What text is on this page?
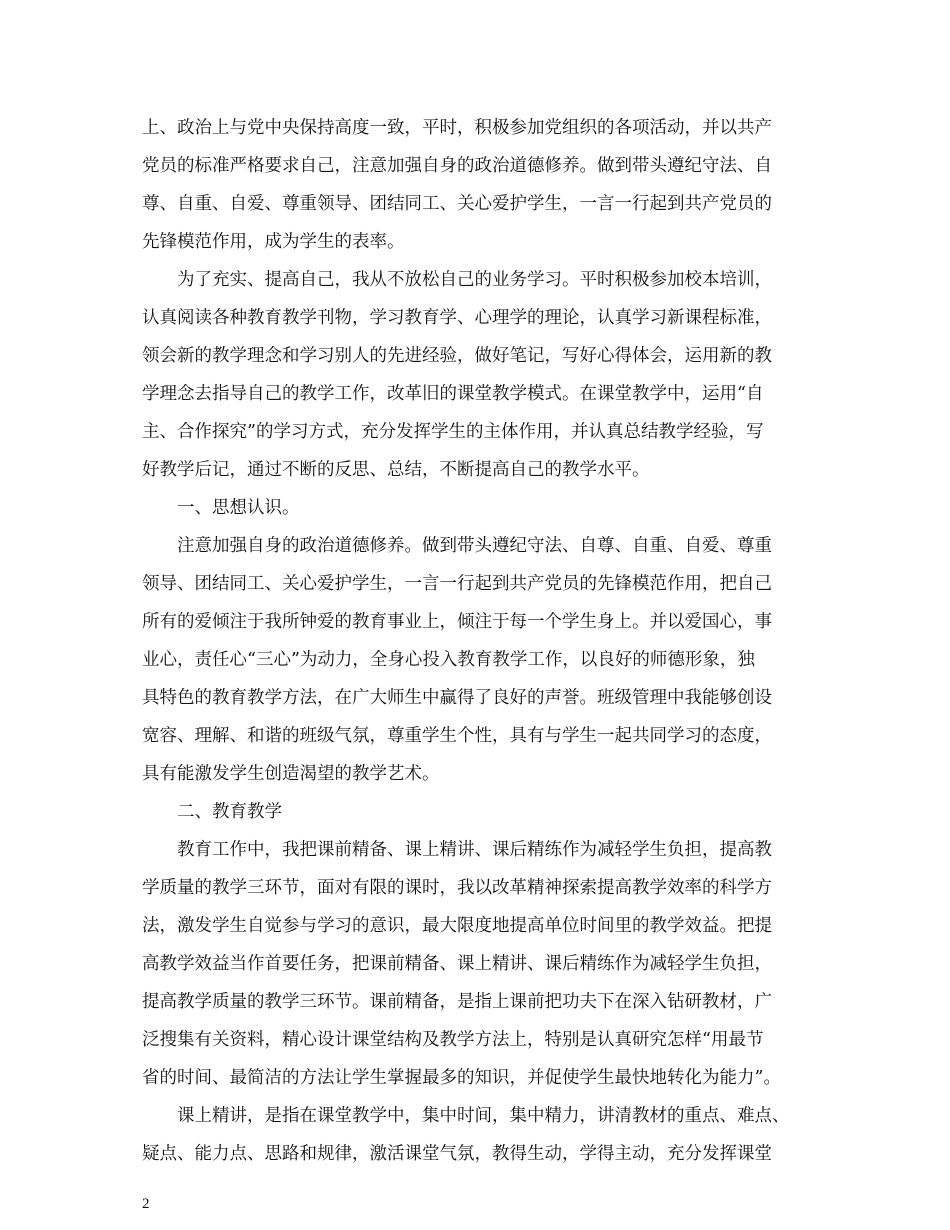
上、政治上与党中央保持高度一致，平时，积极参加党组织的各项活动，并以共产
党员的标准严格要求自己，注意加强自身的政治道德修养。做到带头遵纪守法、自
尊、自重、自爱、尊重领导、团结同工、关心爱护学生，一言一行起到共产党员的
先锋模范作用，成为学生的表率。
　　为了充实、提高自己，我从不放松自己的业务学习。平时积极参加校本培训，
认真阅读各种教育教学刊物，学习教育学、心理学的理论，认真学习新课程标准，
领会新的教学理念和学习别人的先进经验，做好笔记，写好心得体会，运用新的教
学理念去指导自己的教学工作，改革旧的课堂教学模式。在课堂教学中，运用“自
主、合作探究”的学习方式，充分发挥学生的主体作用，并认真总结教学经验，写
好教学后记，通过不断的反思、总结，不断提高自己的教学水平。
　　一、思想认识。
　　注意加强自身的政治道德修养。做到带头遵纪守法、自尊、自重、自爱、尊重
领导、团结同工、关心爱护学生，一言一行起到共产党员的先锋模范作用，把自己
所有的爱倾注于我所钟爱的教育事业上，倾注于每一个学生身上。并以爱国心，事
业心，责任心“三心”为动力，全身心投入教育教学工作，以良好的师德形象，独
具特色的教育教学方法，在广大师生中赢得了良好的声誉。班级管理中我能够创设
宽容、理解、和谐的班级气氛，尊重学生个性，具有与学生一起共同学习的态度，
具有能激发学生创造渴望的教学艺术。
　　二、教育教学
　　教育工作中，我把课前精备、课上精讲、课后精练作为减轻学生负担，提高教
学质量的教学三环节，面对有限的课时，我以改革精神探索提高教学效率的科学方
法，激发学生自觉参与学习的意识，最大限度地提高单位时间里的教学效益。把提
高教学效益当作首要任务，把课前精备、课上精讲、课后精练作为减轻学生负担，
提高教学质量的教学三环节。课前精备，是指上课前把功夫下在深入钻研教材，广
泛搜集有关资料，精心设计课堂结构及教学方法上，特别是认真研究怎样“用最节
省的时间、最简洁的方法让学生掌握最多的知识，并促使学生最快地转化为能力”。
　　课上精讲，是指在课堂教学中，集中时间，集中精力，讲清教材的重点、难点、
疑点、能力点、思路和规律，激活课堂气氛，教得生动，学得主动，充分发挥课堂
2
